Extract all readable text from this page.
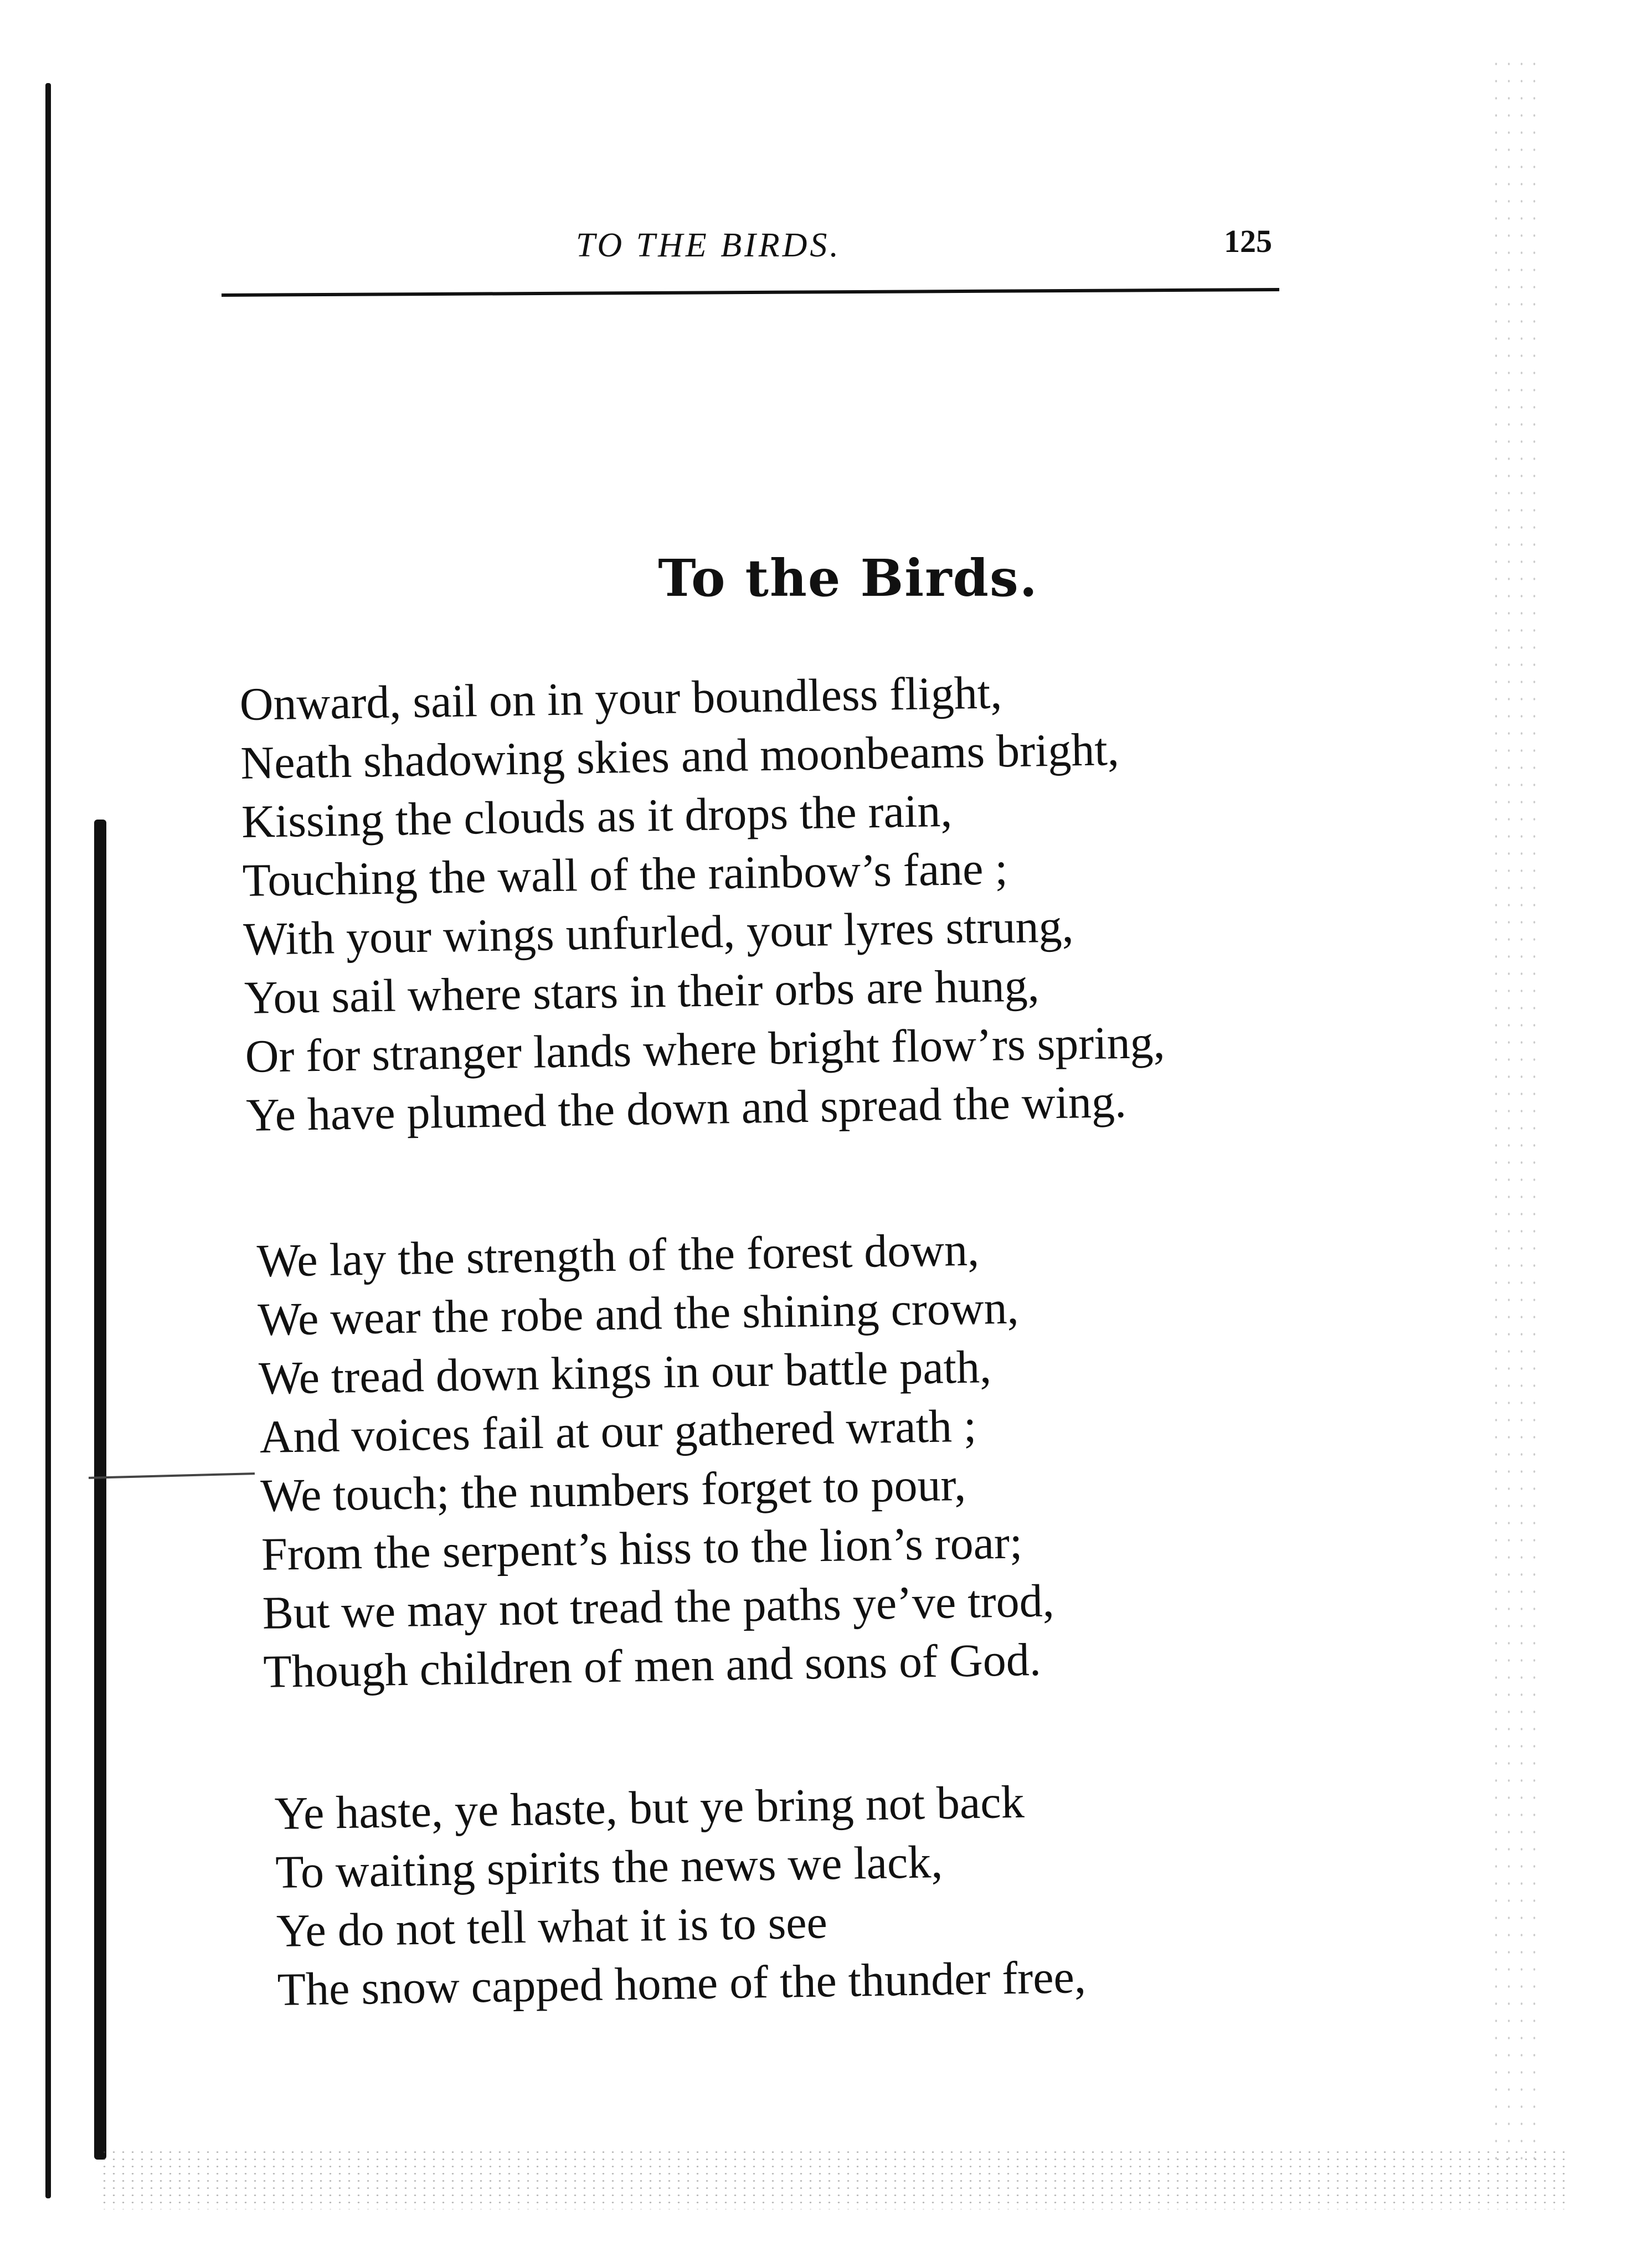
TO THE BIRDS.	125
To the Birds.
Onward, sail on in your boundless flight,
Neath shadowing skies and moonbeams bright,
Kissing the clouds as it drops the rain,
Touching the wall of the rainbow’s fane ;
With your wings unfurled, your lyres strung,
You sail where stars in their orbs are hung,
Or for stranger lands where bright flow’rs spring,
Ye have plumed the down and spread the wing.
We lay the strength of the forest down,
We wear the robe and the shining crown,
We tread down kings in our battle path,
And voices fail at our gathered wrath ;
We touch; the numbers forget to pour,
From the serpent’s hiss to the lion’s roar;
But we may not tread the paths ye’ve trod,
Though children of men and sons of God.
Ye haste, ye haste, but ye bring not back
To waiting spirits the news we lack,
Ye do not tell what it is to see
The snow capped home of the thunder free,
